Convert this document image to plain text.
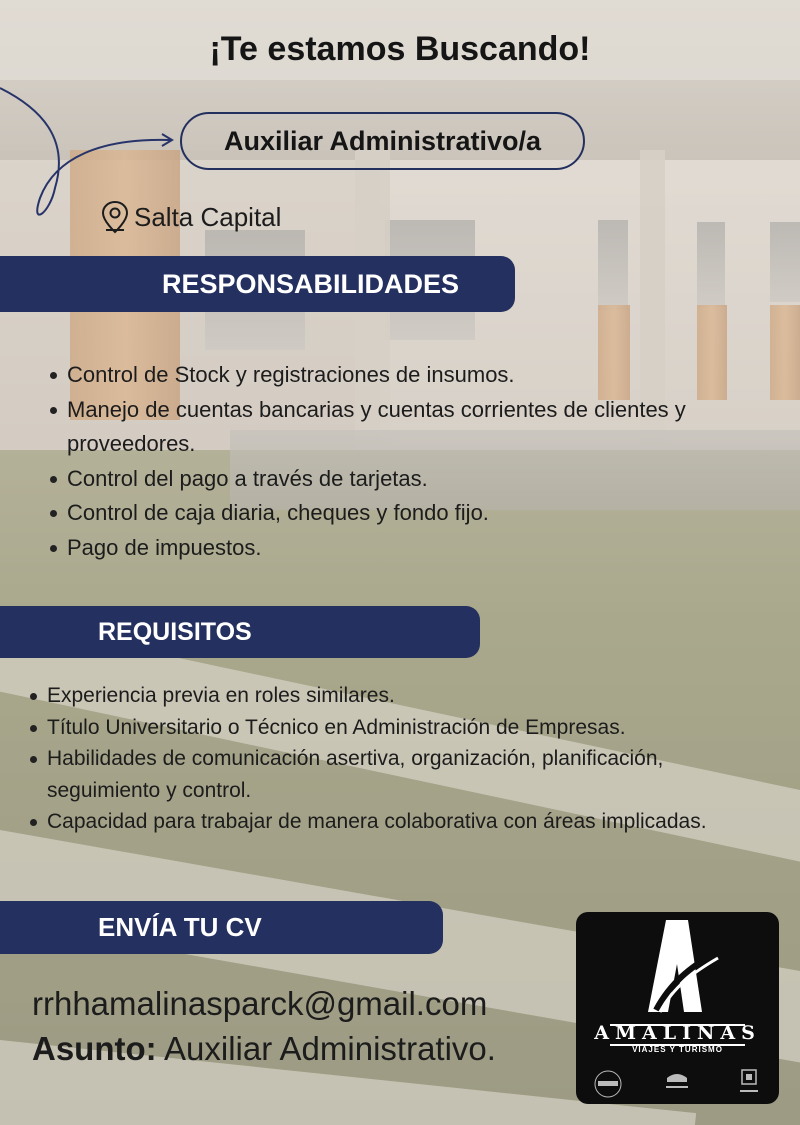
¡Te estamos Buscando!
Auxiliar Administrativo/a
Salta Capital
RESPONSABILIDADES
Control de Stock y registraciones de insumos.
Manejo de cuentas bancarias y cuentas corrientes de clientes y proveedores.
Control del pago a través de tarjetas.
Control de caja diaria, cheques y fondo fijo.
Pago de impuestos.
REQUISITOS
Experiencia previa en roles similares.
Título Universitario o Técnico en Administración de Empresas.
Habilidades de comunicación asertiva, organización, planificación, seguimiento y control.
Capacidad para trabajar de manera colaborativa con áreas implicadas.
ENVÍA TU CV
rrhhamalinasparck@gmail.com
Asunto: Auxiliar Administrativo.	AMALINAS
VIAJES Y TURISMO
